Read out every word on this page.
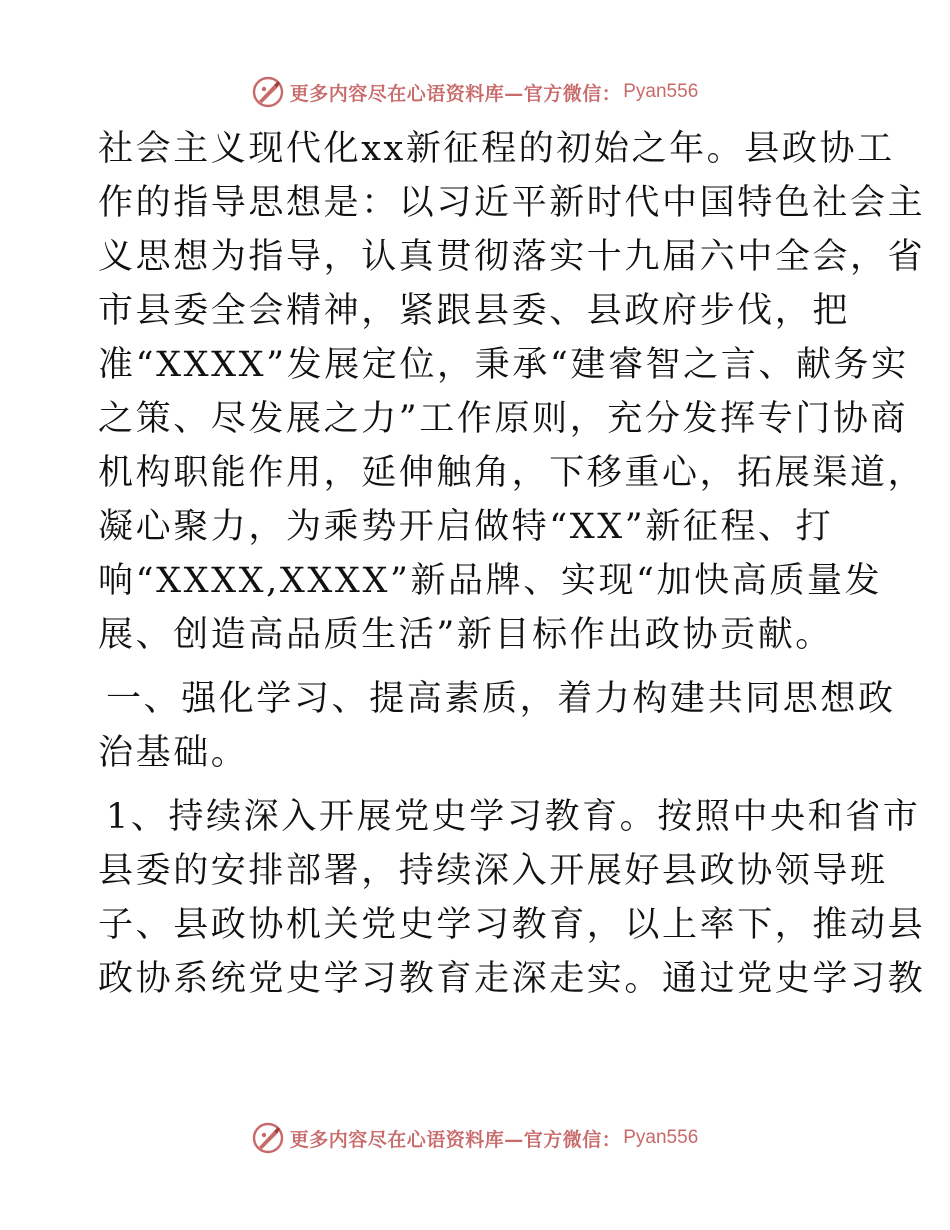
更多内容尽在心语资料库—官方微信： Pyan556
社会主义现代化xx新征程的初始之年。县政协工
作的指导思想是：以习近平新时代中国特色社会主
义思想为指导，认真贯彻落实十九届六中全会，省
市县委全会精神，紧跟县委、县政府步伐，把
准“XXXX”发展定位，秉承“建睿智之言、献务实
之策、尽发展之力”工作原则，充分发挥专门协商
机构职能作用，延伸触角，下移重心，拓展渠道，
凝心聚力，为乘势开启做特“XX”新征程、打
响“XXXX,XXXX”新品牌、实现“加快高质量发
展、创造高品质生活”新目标作出政协贡献。
一、强化学习、提高素质，着力构建共同思想政
治基础。
1、持续深入开展党史学习教育。按照中央和省市
县委的安排部署，持续深入开展好县政协领导班
子、县政协机关党史学习教育，以上率下，推动县
政协系统党史学习教育走深走实。通过党史学习教
更多内容尽在心语资料库—官方微信： Pyan556
